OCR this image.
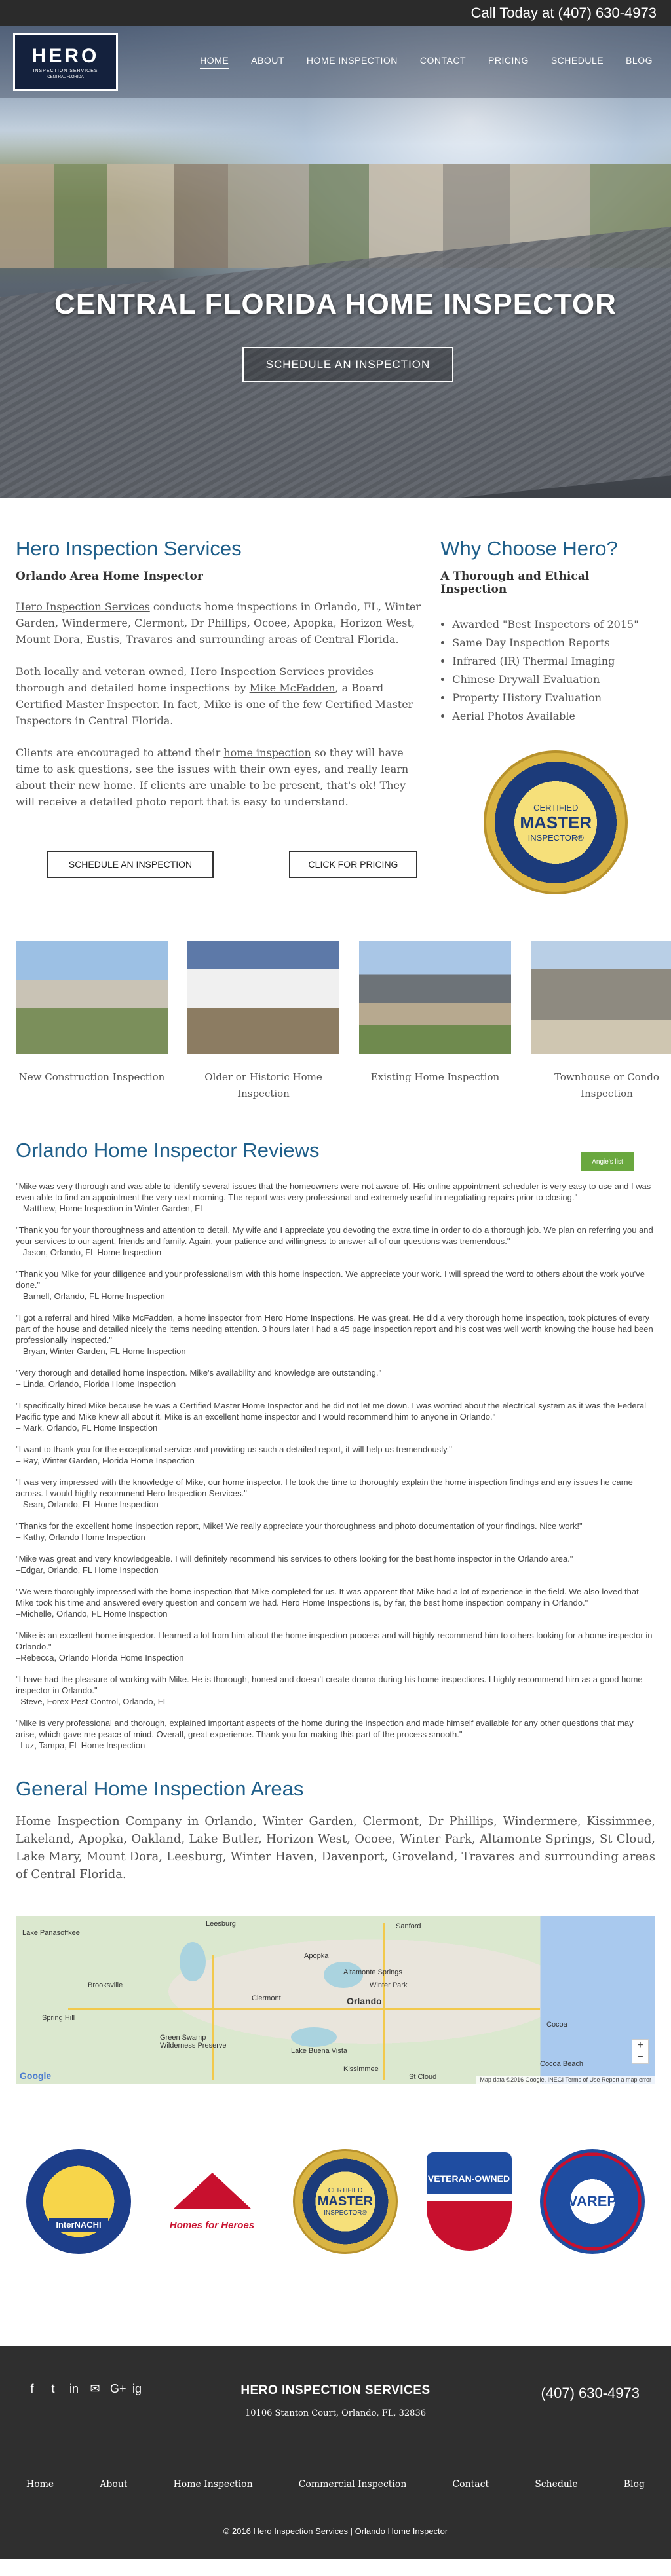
Call Today at (407) 630-4973
HERO
INSPECTION SERVICES
CENTRAL FLORIDA
HOME ABOUT HOME INSPECTION CONTACT PRICING SCHEDULE BLOG
CENTRAL FLORIDA HOME INSPECTOR
SCHEDULE AN INSPECTION
Hero Inspection Services
Orlando Area Home Inspector

Hero Inspection Services conducts home inspections in Orlando, FL, Winter Garden, Windermere, Clermont, Dr Phillips, Ocoee, Apopka, Horizon West, Mount Dora, Eustis, Travares and surrounding areas of Central Florida.

Both locally and veteran owned, Hero Inspection Services provides thorough and detailed home inspections by Mike McFadden, a Board Certified Master Inspector. In fact, Mike is one of the few Certified Master Inspectors in Central Florida.

Clients are encouraged to attend their home inspection so they will have time to ask questions, see the issues with their own eyes, and really learn about their new home. If clients are unable to be present, that's ok! They will receive a detailed photo report that is easy to understand.

SCHEDULE AN INSPECTION	CLICK FOR PRICING
Why Choose Hero?
A Thorough and Ethical Inspection
• Awarded "Best Inspectors of 2015"
• Same Day Inspection Reports
• Infrared (IR) Thermal Imaging
• Chinese Drywall Evaluation
• Property History Evaluation
• Aerial Photos Available
CERTIFIED
MASTER
INSPECTOR®
New Construction Inspection	Older or Historic Home Inspection
Existing Home Inspection	Townhouse or Condo Inspection
Orlando Home Inspector Reviews	Angie's list
"Mike was very thorough and was able to identify several issues that the homeowners were not aware of. His online appointment scheduler is very easy to use and I was even able to find an appointment the very next morning. The report was very professional and extremely useful in negotiating repairs prior to closing."
– Matthew, Home Inspection in Winter Garden, FL
"Thank you for your thoroughness and attention to detail. My wife and I appreciate you devoting the extra time in order to do a thorough job. We plan on referring you and your services to our agent, friends and family. Again, your patience and willingness to answer all of our questions was tremendous."
– Jason, Orlando, FL Home Inspection
"Thank you Mike for your diligence and your professionalism with this home inspection. We appreciate your work. I will spread the word to others about the work you've done."
– Barnell, Orlando, FL Home Inspection
"I got a referral and hired Mike McFadden, a home inspector from Hero Home Inspections. He was great. He did a very thorough home inspection, took pictures of every part of the house and detailed nicely the items needing attention. 3 hours later I had a 45 page inspection report and his cost was well worth knowing the house had been professionally inspected."
– Bryan, Winter Garden, FL Home Inspection
"Very thorough and detailed home inspection. Mike's availability and knowledge are outstanding."
– Linda, Orlando, Florida Home Inspection
"I specifically hired Mike because he was a Certified Master Home Inspector and he did not let me down. I was worried about the electrical system as it was the Federal Pacific type and Mike knew all about it. Mike is an excellent home inspector and I would recommend him to anyone in Orlando."
– Mark, Orlando, FL Home Inspection
"I want to thank you for the exceptional service and providing us such a detailed report, it will help us tremendously."
– Ray, Winter Garden, Florida Home Inspection
"I was very impressed with the knowledge of Mike, our home inspector. He took the time to thoroughly explain the home inspection findings and any issues he came across. I would highly recommend Hero Inspection Services."
– Sean, Orlando, FL Home Inspection
"Thanks for the excellent home inspection report, Mike! We really appreciate your thoroughness and photo documentation of your findings. Nice work!"
– Kathy, Orlando Home Inspection
"Mike was great and very knowledgeable. I will definitely recommend his services to others looking for the best home inspector in the Orlando area."
–Edgar, Orlando, FL Home Inspection
"We were thoroughly impressed with the home inspection that Mike completed for us. It was apparent that Mike had a lot of experience in the field. We also loved that Mike took his time and answered every question and concern we had. Hero Home Inspections is, by far, the best home inspection company in Orlando."
–Michelle, Orlando, FL Home Inspection
"Mike is an excellent home inspector. I learned a lot from him about the home inspection process and will highly recommend him to others looking for a home inspector in Orlando."
–Rebecca, Orlando Florida Home Inspection
"I have had the pleasure of working with Mike. He is thorough, honest and doesn't create drama during his home inspections. I highly recommend him as a good home inspector in Orlando."
–Steve, Forex Pest Control, Orlando, FL
"Mike is very professional and thorough, explained important aspects of the home during the inspection and made himself available for any other questions that may arise, which gave me peace of mind. Overall, great experience. Thank you for making this part of the process smooth."
–Luz, Tampa, FL Home Inspection
General Home Inspection Areas

Home Inspection Company in Orlando, Winter Garden, Clermont, Dr Phillips, Windermere, Kissimmee, Lakeland, Apopka, Oakland, Lake Butler, Horizon West, Ocoee, Winter Park, Altamonte Springs, St Cloud, Lake Mary, Mount Dora, Leesburg, Winter Haven, Davenport, Groveland, Travares and surrounding areas of Central Florida.

Leesburg	Sanford
Apopka
Altamonte Springs
Winter Park
Orlando
Clermont
Kissimmee
Spring Hill
Brooksville
Lake Buena Vista
Cocoa
Cocoa Beach
Green Swamp Wilderness Preserve
St Cloud
Lake Panasoffkee
+
−
Google	Map data ©2016 Google, INEGI Terms of Use Report a map error
InterNACHI	Homes for Heroes
CERTIFIED
MASTER
INSPECTOR®
VETERAN-OWNED
VAREP
f	t	in ✉ G+ ig	HERO INSPECTION SERVICES
10106 Stanton Court, Orlando, FL, 32836
(407) 630-4973
Home	About	Home Inspection	Commercial Inspection	Contact	Schedule	Blog
© 2016 Hero Inspection Services | Orlando Home Inspector
